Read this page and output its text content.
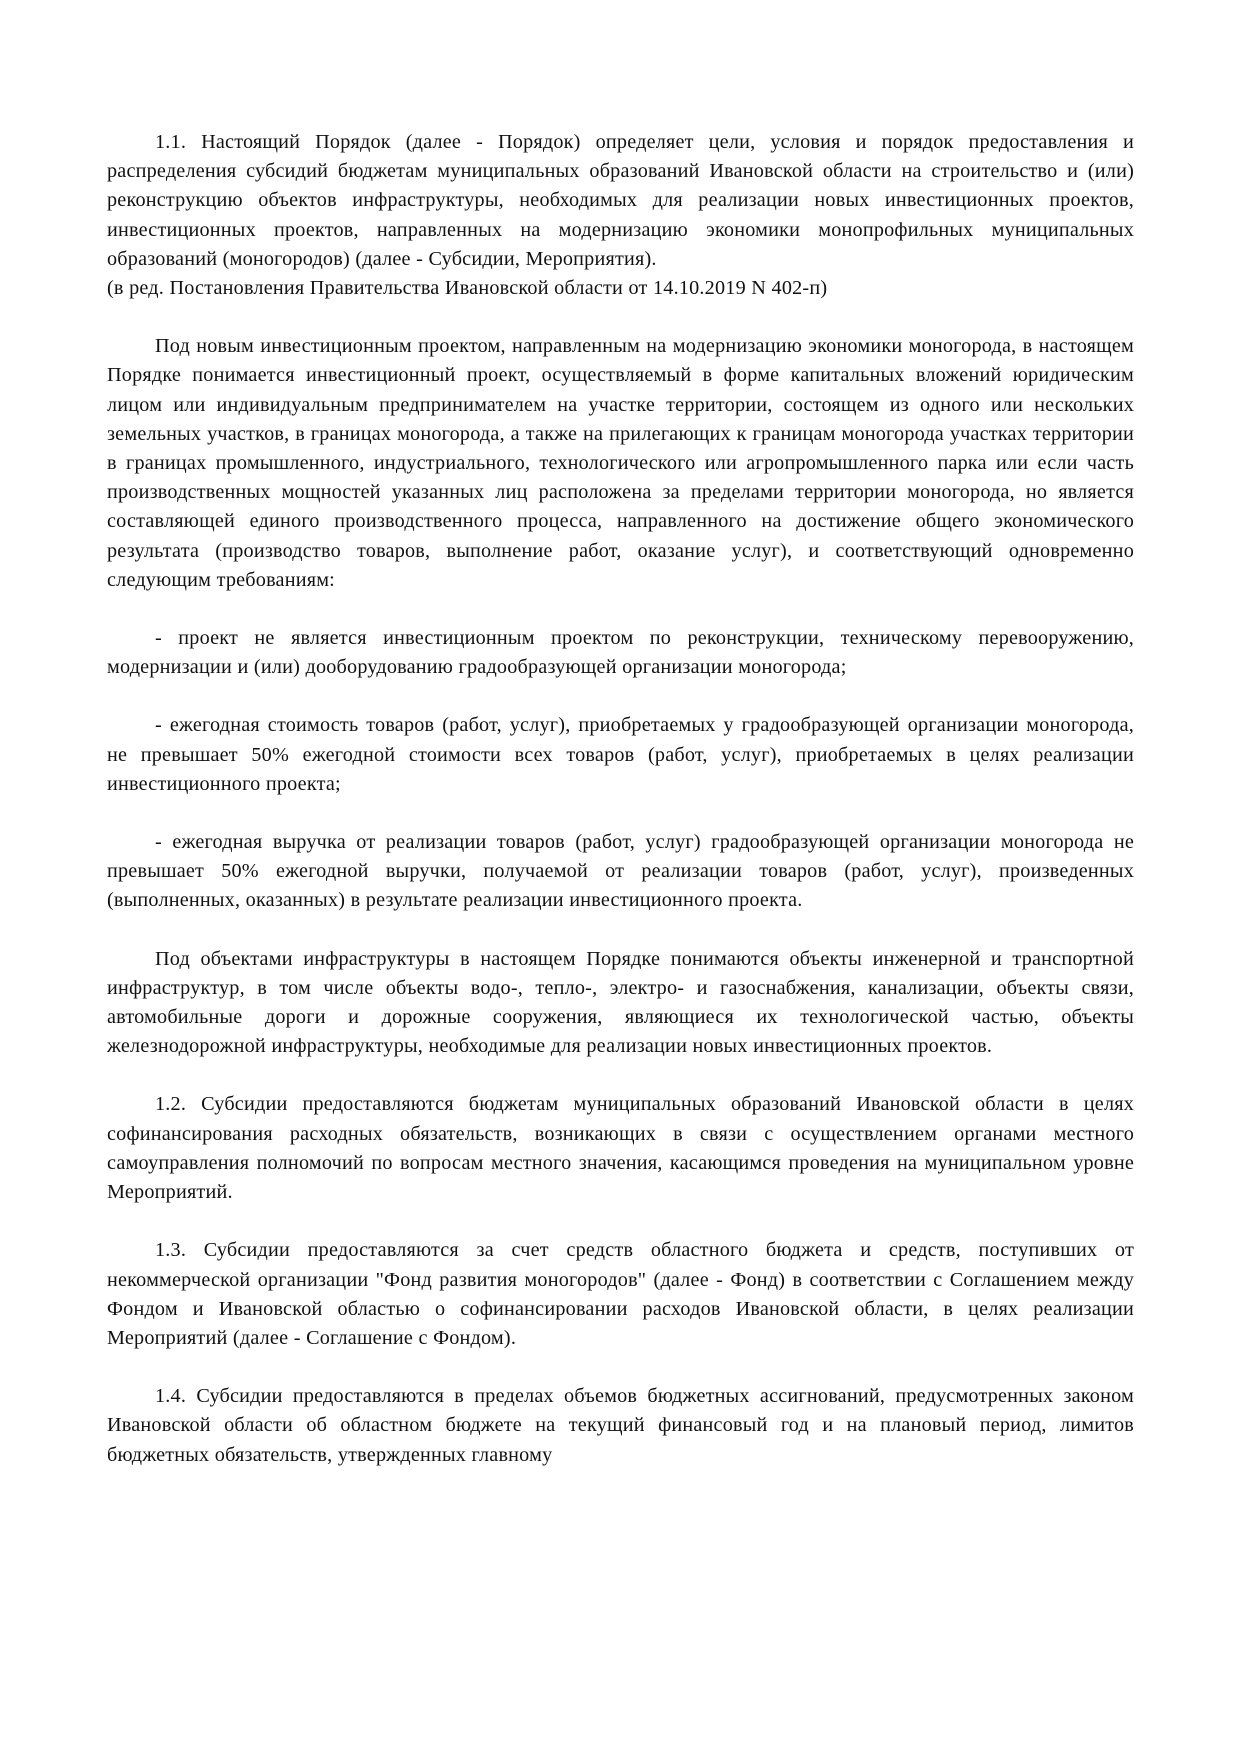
1.1. Настоящий Порядок (далее - Порядок) определяет цели, условия и порядок предоставления и распределения субсидий бюджетам муниципальных образований Ивановской области на строительство и (или) реконструкцию объектов инфраструктуры, необходимых для реализации новых инвестиционных проектов, инвестиционных проектов, направленных на модернизацию экономики монопрофильных муниципальных образований (моногородов) (далее - Субсидии, Мероприятия).

(в ред. Постановления Правительства Ивановской области от 14.10.2019 N 402-п)

Под новым инвестиционным проектом, направленным на модернизацию экономики моногорода, в настоящем Порядке понимается инвестиционный проект, осуществляемый в форме капитальных вложений юридическим лицом или индивидуальным предпринимателем на участке территории, состоящем из одного или нескольких земельных участков, в границах моногорода, а также на прилегающих к границам моногорода участках территории в границах промышленного, индустриального, технологического или агропромышленного парка или если часть производственных мощностей указанных лиц расположена за пределами территории моногорода, но является составляющей единого производственного процесса, направленного на достижение общего экономического результата (производство товаров, выполнение работ, оказание услуг), и соответствующий одновременно следующим требованиям:

- проект не является инвестиционным проектом по реконструкции, техническому перевооружению, модернизации и (или) дооборудованию градообразующей организации моногорода;

- ежегодная стоимость товаров (работ, услуг), приобретаемых у градообразующей организации моногорода, не превышает 50% ежегодной стоимости всех товаров (работ, услуг), приобретаемых в целях реализации инвестиционного проекта;

- ежегодная выручка от реализации товаров (работ, услуг) градообразующей организации моногорода не превышает 50% ежегодной выручки, получаемой от реализации товаров (работ, услуг), произведенных (выполненных, оказанных) в результате реализации инвестиционного проекта.

Под объектами инфраструктуры в настоящем Порядке понимаются объекты инженерной и транспортной инфраструктур, в том числе объекты водо-, тепло-, электро- и газоснабжения, канализации, объекты связи, автомобильные дороги и дорожные сооружения, являющиеся их технологической частью, объекты железнодорожной инфраструктуры, необходимые для реализации новых инвестиционных проектов.

1.2. Субсидии предоставляются бюджетам муниципальных образований Ивановской области в целях софинансирования расходных обязательств, возникающих в связи с осуществлением органами местного самоуправления полномочий по вопросам местного значения, касающимся проведения на муниципальном уровне Мероприятий.

1.3. Субсидии предоставляются за счет средств областного бюджета и средств, поступивших от некоммерческой организации "Фонд развития моногородов" (далее - Фонд) в соответствии с Соглашением между Фондом и Ивановской областью о софинансировании расходов Ивановской области, в целях реализации Мероприятий (далее - Соглашение с Фондом).

1.4. Субсидии предоставляются в пределах объемов бюджетных ассигнований, предусмотренных законом Ивановской области об областном бюджете на текущий финансовый год и на плановый период, лимитов бюджетных обязательств, утвержденных главному
